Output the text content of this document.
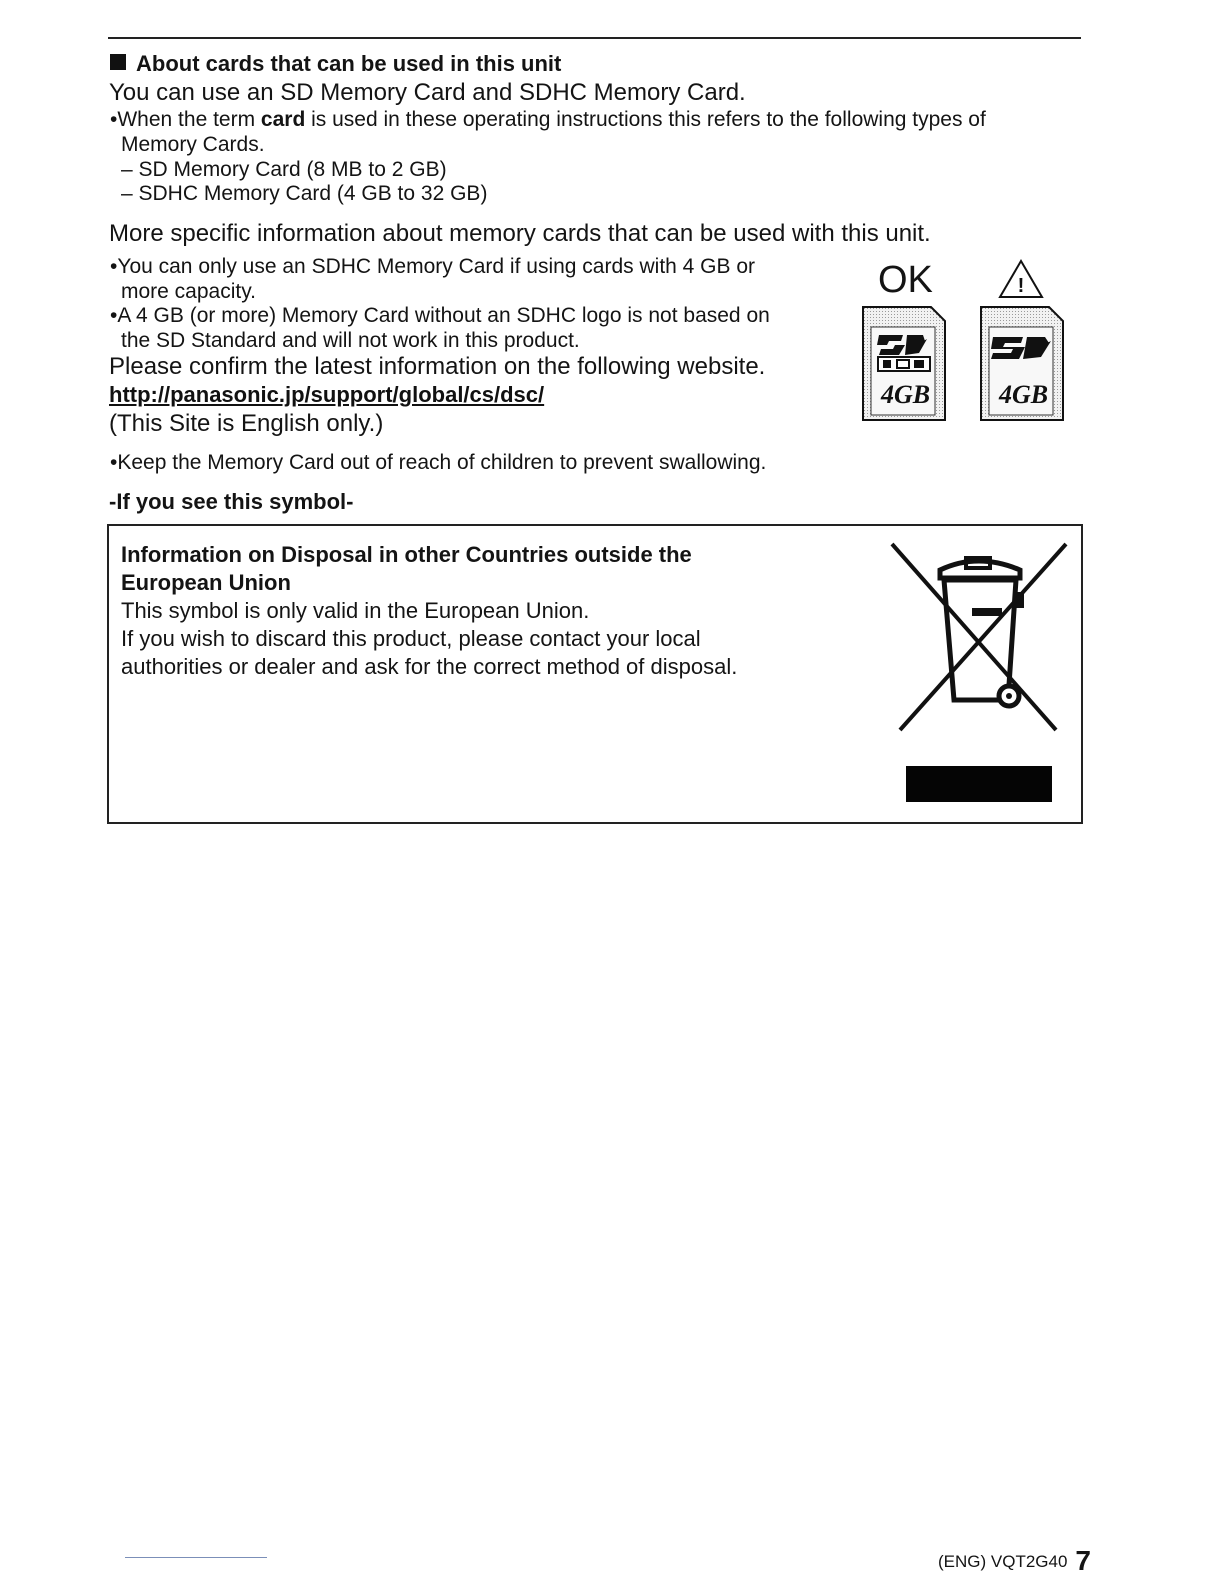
About cards that can be used in this unit
You can use an SD Memory Card and SDHC Memory Card.
•When the term card is used in these operating instructions this refers to the following types of
Memory Cards.
– SD Memory Card (8 MB to 2 GB)
– SDHC Memory Card (4 GB to 32 GB)
More specific information about memory cards that can be used with this unit.
•You can only use an SDHC Memory Card if using cards with 4 GB or
more capacity.
•A 4 GB (or more) Memory Card without an SDHC logo is not based on
the SD Standard and will not work in this product.
Please confirm the latest information on the following website.
http://panasonic.jp/support/global/cs/dsc/
(This Site is English only.)
•Keep the Memory Card out of reach of children to prevent swallowing.
-If you see this symbol-
OK	!
4GB	4GB
Information on Disposal in other Countries outside the
European Union
This symbol is only valid in the European Union.
If you wish to discard this product, please contact your local
authorities or dealer and ask for the correct method of disposal.
(ENG) VQT2G40 7
